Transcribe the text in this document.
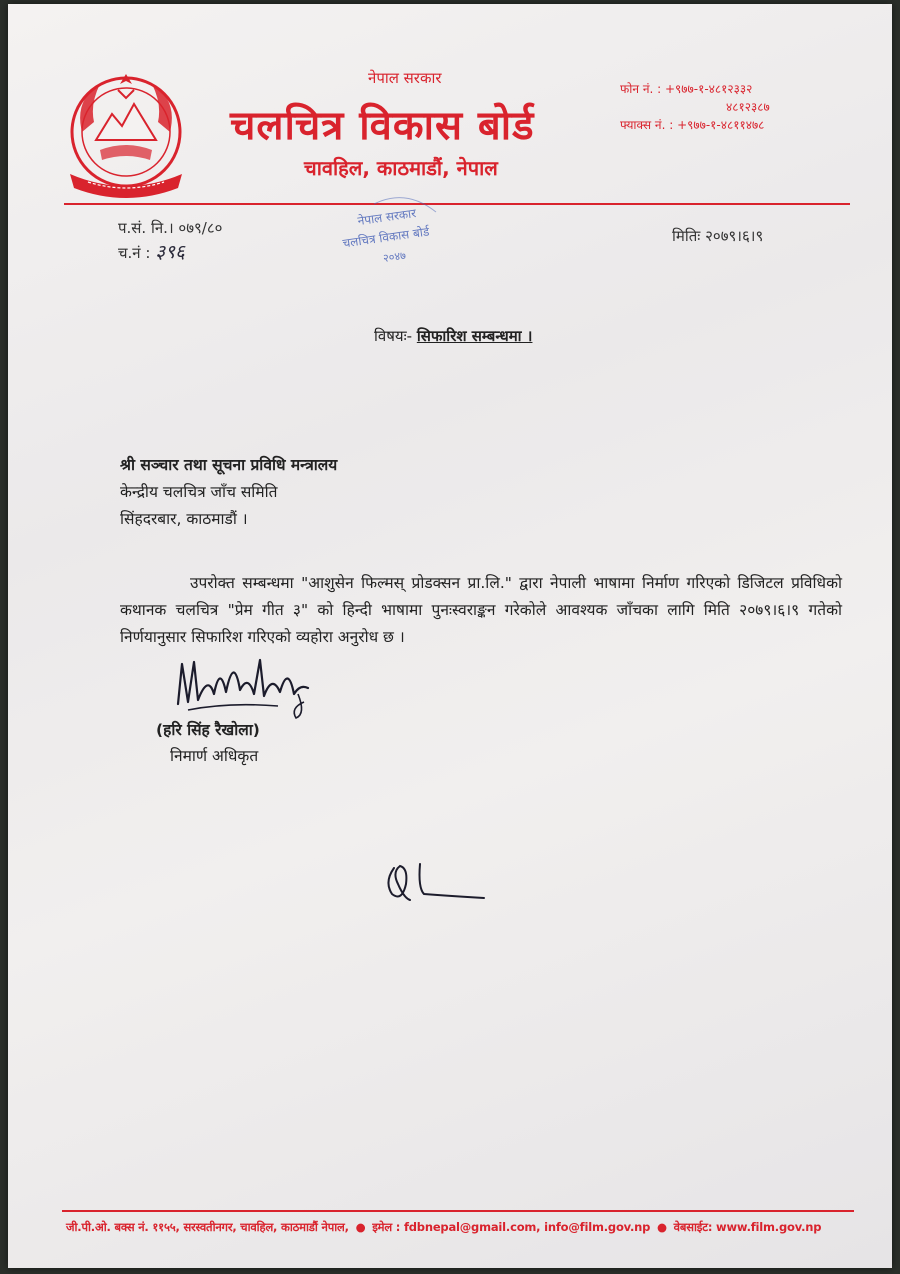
नेपाल सरकार
चलचित्र विकास बोर्ड
चावहिल, काठमाडौं, नेपाल
फोन नं. : +९७७-१-४८१२३३२
४८१२३८७
फ्याक्स नं. : +९७७-१-४८११४७८
प.सं. नि.। ०७९/८०
च.नं : ३९६
नेपाल सरकार
चलचित्र विकास बोर्ड
२०४७
मितिः २०७९।६।९
विषयः- सिफारिश सम्बन्धमा ।
श्री सञ्चार तथा सूचना प्रविधि मन्त्रालय
केन्द्रीय चलचित्र जाँच समिति
सिंहदरबार, काठमाडौं ।
उपरोक्त सम्बन्धमा "आशुसेन फिल्मस् प्रोडक्सन प्रा.लि." द्वारा नेपाली भाषामा निर्माण गरिएको डिजिटल प्रविधिको कथानक चलचित्र "प्रेम गीत ३" को हिन्दी भाषामा पुनःस्वराङ्कन गरेकोले आवश्यक जाँचका लागि मिति २०७९।६।९ गतेको निर्णयानुसार सिफारिश गरिएको व्यहोरा अनुरोध छ ।
(हरि सिंह रैखोला)
निमार्ण अधिकृत
जी.पी.ओ. बक्स नं. ११५५, सरस्वतीनगर, चावहिल, काठमाडौं नेपाल, ● इमेल : fdbnepal@gmail.com, info@film.gov.np ● वेबसाईट: www.film.gov.np
